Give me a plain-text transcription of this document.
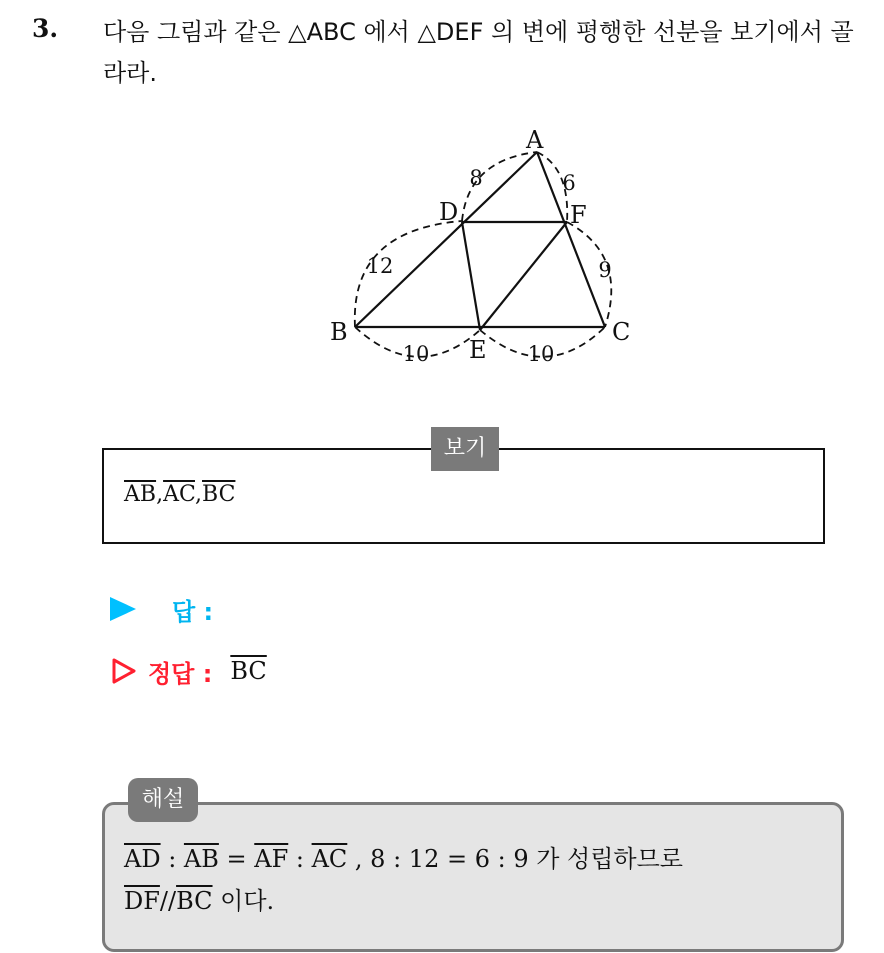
3. 다음 그림과 같은 △ABC 에서 △DEF 의 변에 평행한 선분을 보기에서 골라라.
A
D	F
B
E
C
8	6
12	9
10	10
보기
$\overline{AB},\overline{AC},\overline{BC}$
답 :
정답 : $\overline{BC}$
해설
$\overline{AD}$ : $\overline{AB} = \overline{AF}$ : $\overline{AC}$ , 8 : 12 = 6 : 9 가 성립하므로
$\overline{DF}//\overline{BC}$ 이다.
